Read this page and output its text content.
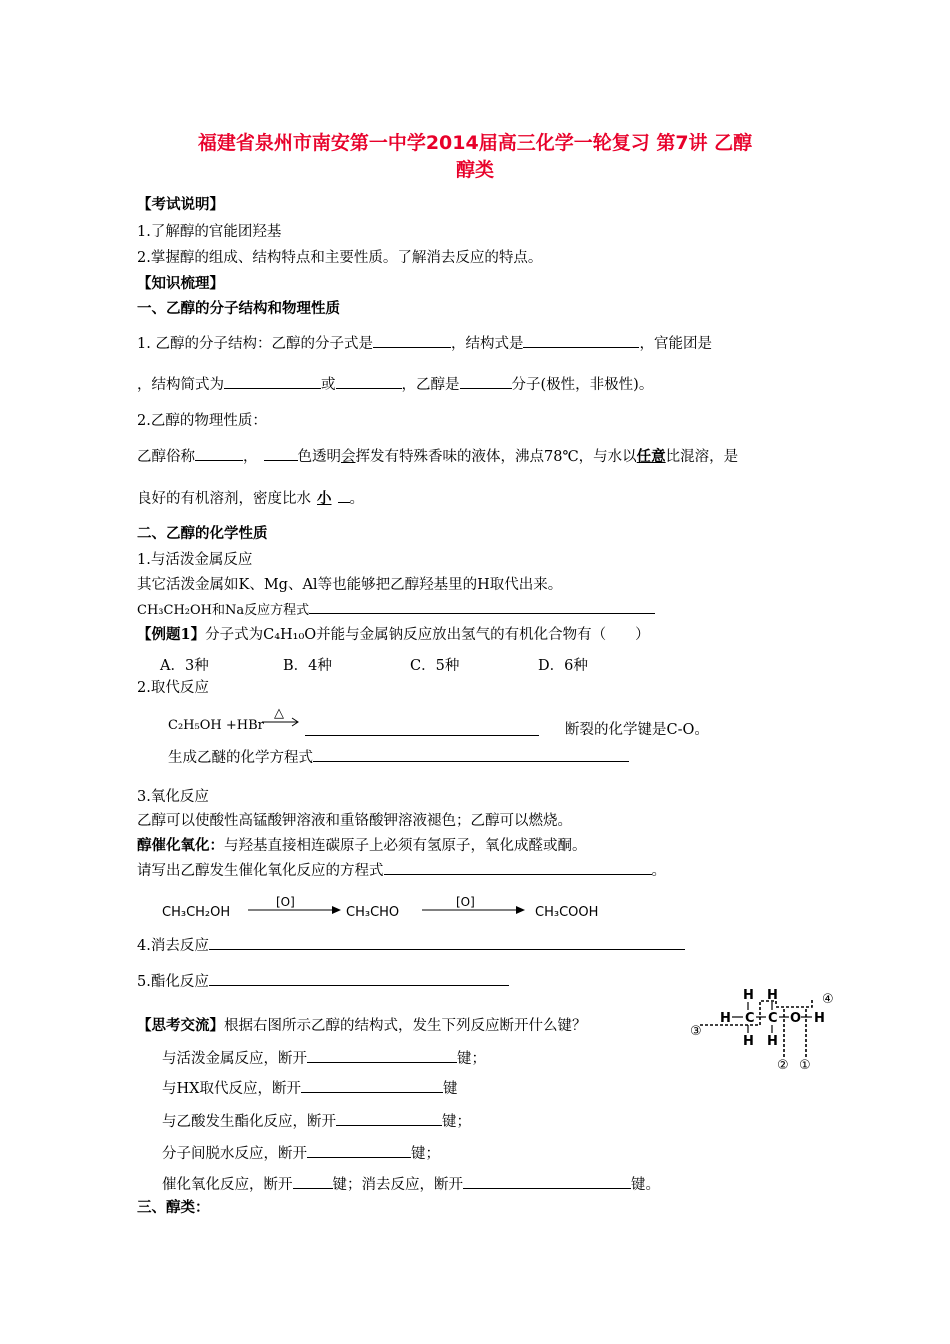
福建省泉州市南安第一中学2014届高三化学一轮复习 第7讲 乙醇
醇类
【考试说明】
1.了解醇的官能团羟基
2.掌握醇的组成、结构特点和主要性质。了解消去反应的特点。
【知识梳理】
一、乙醇的分子结构和物理性质
1. 乙醇的分子结构：乙醇的分子式是	，结构式是	，官能团是
，结构简式为	或	，乙醇是	分子(极性，非极性)。
2.乙醇的物理性质：
乙醇俗称	，	色透明会挥发有特殊香味的液体，沸点78℃，与水以任意比混溶，是
良好的有机溶剂，密度比水 小 。
二、乙醇的化学性质
1.与活泼金属反应
其它活泼金属如K、Mg、Al等也能够把乙醇羟基里的H取代出来。
CH₃CH₂OH和Na反应方程式
【例题1】分子式为C₄H₁₀O并能与金属钠反应放出氢气的有机化合物有（　　）
A．3种	B．4种	C．5种	D．6种
2.取代反应
C₂H₅OH +HBr
△
断裂的化学键是C-O。
生成乙醚的化学方程式
3.氧化反应
乙醇可以使酸性高锰酸钾溶液和重铬酸钾溶液褪色；乙醇可以燃烧。
醇催化氧化：与羟基直接相连碳原子上必须有氢原子，氧化成醛或酮。
请写出乙醇发生催化氧化反应的方程式	。
CH₃CH₂OH
[O]
CH₃CHO
[O]
CH₃COOH
4.消去反应
5.酯化反应
H H
H C C O H
H H
④
③
② ①
【思考交流】根据右图所示乙醇的结构式，发生下列反应断开什么键？
与活泼金属反应，断开	键；
与HX取代反应，断开	键
与乙酸发生酯化反应，断开	键；
分子间脱水反应，断开	键；
催化氧化反应，断开	键；消去反应，断开	键。
三、醇类：
